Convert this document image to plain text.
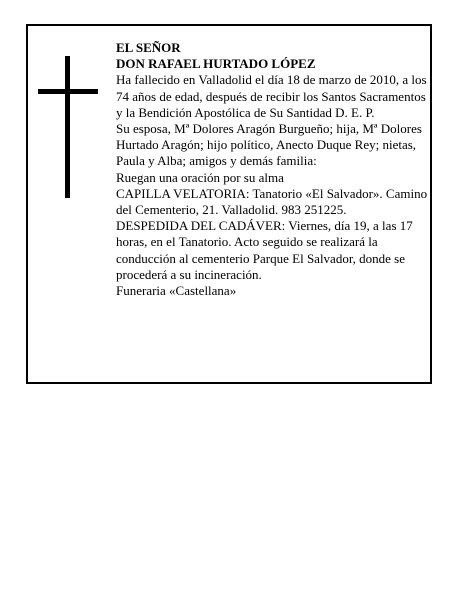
EL SEÑOR

DON RAFAEL HURTADO LÓPEZ

Ha fallecido en Valladolid el día 18 de marzo de 2010, a los 74 años de edad, después de recibir los Santos Sacramentos y la Bendición Apostólica de Su Santidad D. E. P.

Su esposa, Mª Dolores Aragón Burgueño; hija, Mª Dolores Hurtado Aragón; hijo político, Anecto Duque Rey; nietas, Paula y Alba; amigos y demás familia:

Ruegan una oración por su alma

CAPILLA VELATORIA: Tanatorio «El Salvador». Camino del Cementerio, 21. Valladolid. 983 251225.

DESPEDIDA DEL CADÁVER: Viernes, día 19, a las 17 horas, en el Tanatorio. Acto seguido se realizará la conducción al cementerio Parque El Salvador, donde se procederá a su incineración.

Funeraria «Castellana»
